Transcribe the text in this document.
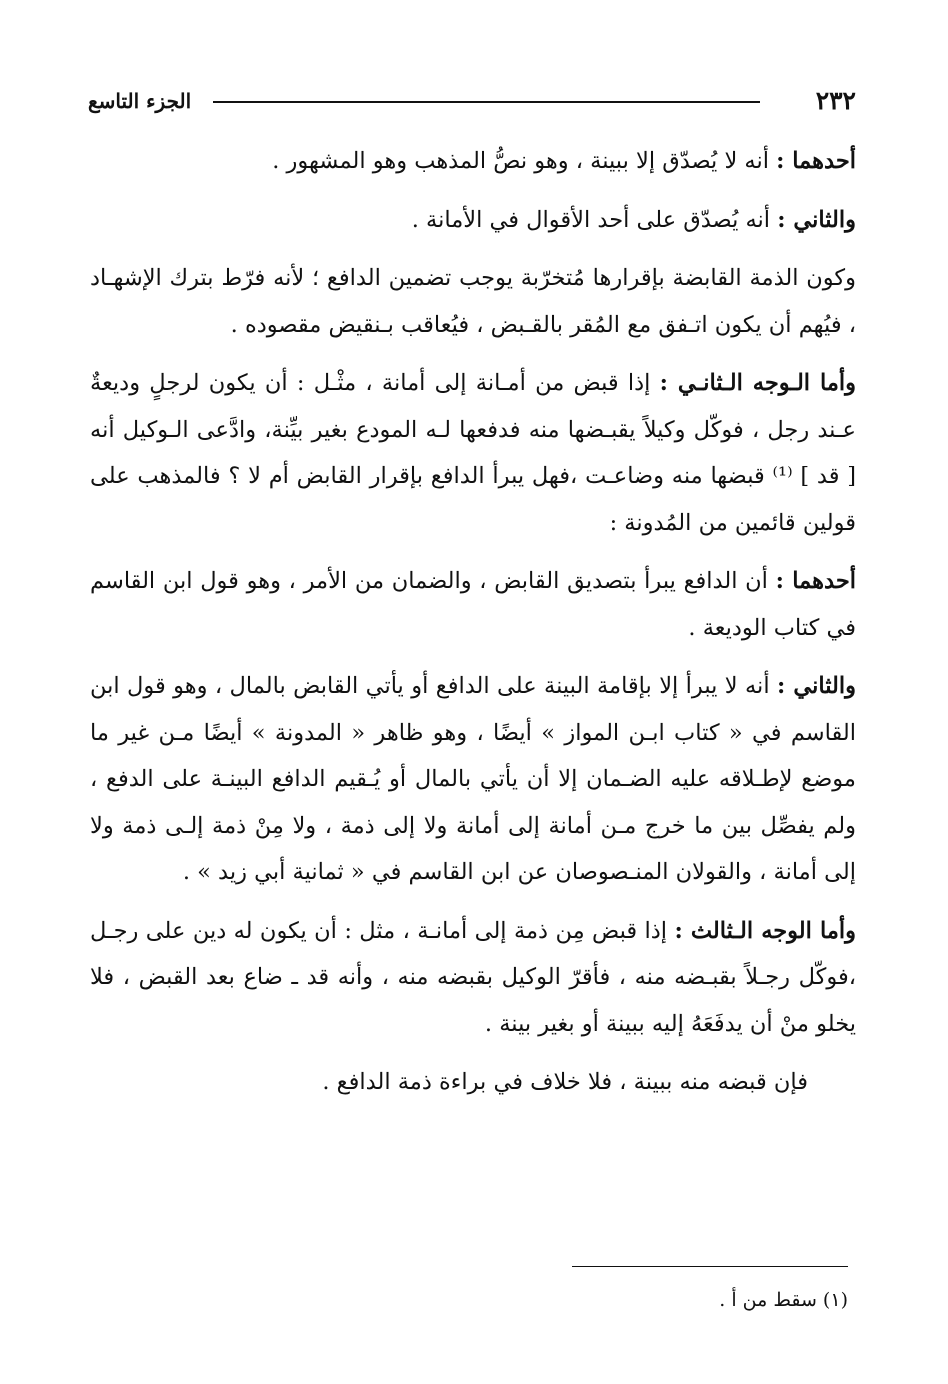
٢٣٢
الجزء التاسع

أحدهما : أنه لا يُصدّق إلا ببينة ، وهو نصُّ المذهب وهو المشهور .

والثاني : أنه يُصدّق على أحد الأقوال في الأمانة .

وكون الذمة القابضة بإقرارها مُتخرّبة يوجب تضمين الدافع ؛ لأنه فرّط بترك الإشهـاد ، فيُهم أن يكون اتـفق مع المُقر بالقـبض ، فيُعاقب بـنقيض مقصوده .

وأما الـوجه الـثانـي : إذا قبض من أمـانة إلى أمانة ، مثْـل : أن يكون لرجلٍ وديعةٌ عـند رجل ، فوكّل وكيلاً يقبـضها منه فدفعها لـه المودع بغير بيِّنة، وادَّعى الـوكيل أنه [ قد ] ⁽¹⁾ قبضها منه وضاعـت ،فهل يبرأ الدافع بإقرار القابض أم لا ؟ فالمذهب على قولين قائمين من المُدونة :

أحدهما : أن الدافع يبرأ بتصديق القابض ، والضمان من الأمر ، وهو قول ابن القاسم في كتاب الوديعة .

والثاني : أنه لا يبرأ إلا بإقامة البينة على الدافع أو يأتي القابض بالمال ، وهو قول ابن القاسم في « كتاب ابـن المواز » أيضًا ، وهو ظاهر « المدونة » أيضًا مـن غير ما موضع لإطـلاقه عليه الضـمان إلا أن يأتي بالمال أو يُـقيم الدافع البينـة على الدفع ، ولم يفصِّل بين ما خرج مـن أمانة إلى أمانة ولا إلى ذمة ، ولا مِنْ ذمة إلـى ذمة ولا إلى أمانة ، والقولان المنـصوصان عن ابن القاسم في « ثمانية أبي زيد » .

وأما الوجه الـثالث : إذا قبض مِن ذمة إلى أمانـة ، مثل : أن يكون له دين على رجـل ،فوكّل رجـلاً بقبـضه منه ، فأقرّ الوكيل بقبضه منه ، وأنه قد ـ ضاع بعد القبض ، فلا يخلو منْ أن يدفَعَهُ إليه ببينة أو بغير بينة .

فإن قبضه منه ببينة ، فلا خلاف في براءة ذمة الدافع .

(١) سقط من أ .
